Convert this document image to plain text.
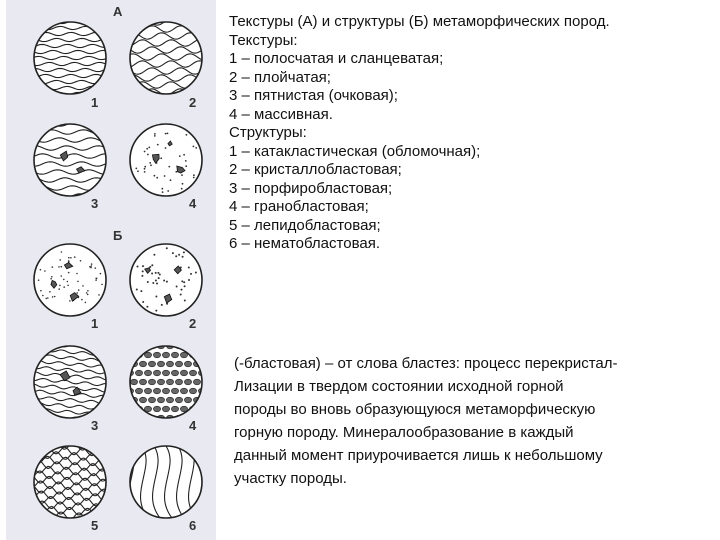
А
Б
1	2
3	4
1	2
3	4
5	6
Текстуры (А) и структуры (Б) метаморфических пород.
Текстуры:
1 – полосчатая и сланцеватая;
2 – плойчатая;
3 – пятнистая (очковая);
4 – массивная.
Структуры:
1 – катакластическая (обломочная);
2 – кристаллобластовая;
3 – порфиробластовая;
4 – гранобластовая;
5 – лепидобластовая;
6 – нематобластовая.
(-бластовая) – от слова бластез: процесс перекристал-
Лизации в твердом состоянии исходной горной
породы во вновь образующуюся метаморфическую
горную породу. Минералообразование в каждый
данный момент приурочивается лишь к небольшому
участку породы.
